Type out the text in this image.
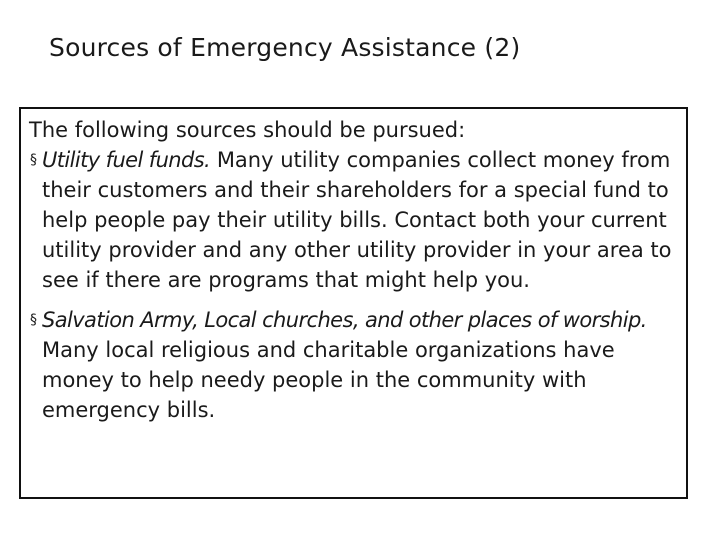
Sources of Emergency Assistance (2)

The following sources should be pursued:

§ Utility fuel funds. Many utility companies collect money from their customers and their shareholders for a special fund to help people pay their utility bills. Contact both your current utility provider and any other utility provider in your area to see if there are programs that might help you.
§ Salvation Army, Local churches, and other places of worship. Many local religious and charitable organizations have money to help needy people in the community with emergency bills.
